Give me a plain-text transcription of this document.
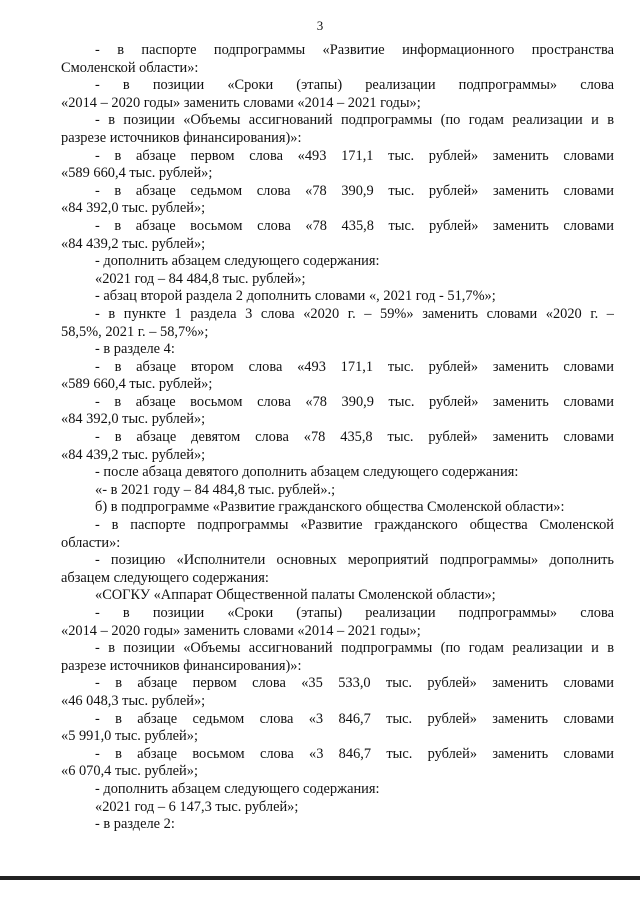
3
- в паспорте подпрограммы «Развитие информационного пространства
Смоленской области»:
- в позиции «Сроки (этапы) реализации подпрограммы» слова
«2014 – 2020 годы» заменить словами «2014 – 2021 годы»;
- в позиции «Объемы ассигнований подпрограммы (по годам реализации и в
разрезе источников финансирования)»:
- в абзаце первом слова «493 171,1 тыс. рублей» заменить словами
«589 660,4 тыс. рублей»;
- в абзаце седьмом слова «78 390,9 тыс. рублей» заменить словами
«84 392,0 тыс. рублей»;
- в абзаце восьмом слова «78 435,8 тыс. рублей» заменить словами
«84 439,2 тыс. рублей»;
- дополнить абзацем следующего содержания:
«2021 год – 84 484,8 тыс. рублей»;
- абзац второй раздела 2 дополнить словами «, 2021 год - 51,7%»;
- в пункте 1 раздела 3 слова «2020 г. – 59%» заменить словами «2020 г. –
58,5%, 2021 г. – 58,7%»;
- в разделе 4:
- в абзаце втором слова «493 171,1 тыс. рублей» заменить словами
«589 660,4 тыс. рублей»;
- в абзаце восьмом слова «78 390,9 тыс. рублей» заменить словами
«84 392,0 тыс. рублей»;
- в абзаце девятом слова «78 435,8 тыс. рублей» заменить словами
«84 439,2 тыс. рублей»;
- после абзаца девятого дополнить абзацем следующего содержания:
«- в 2021 году – 84 484,8 тыс. рублей».;
б) в подпрограмме «Развитие гражданского общества Смоленской области»:
- в паспорте подпрограммы «Развитие гражданского общества Смоленской
области»:
- позицию «Исполнители основных мероприятий подпрограммы» дополнить
абзацем следующего содержания:
«СОГКУ «Аппарат Общественной палаты Смоленской области»;
- в позиции «Сроки (этапы) реализации подпрограммы» слова
«2014 – 2020 годы» заменить словами «2014 – 2021 годы»;
- в позиции «Объемы ассигнований подпрограммы (по годам реализации и в
разрезе источников финансирования)»:
- в абзаце первом слова «35 533,0 тыс. рублей» заменить словами
«46 048,3 тыс. рублей»;
- в абзаце седьмом слова «3 846,7 тыс. рублей» заменить словами
«5 991,0 тыс. рублей»;
- в абзаце восьмом слова «3 846,7 тыс. рублей» заменить словами
«6 070,4 тыс. рублей»;
- дополнить абзацем следующего содержания:
«2021 год – 6 147,3 тыс. рублей»;
- в разделе 2:
